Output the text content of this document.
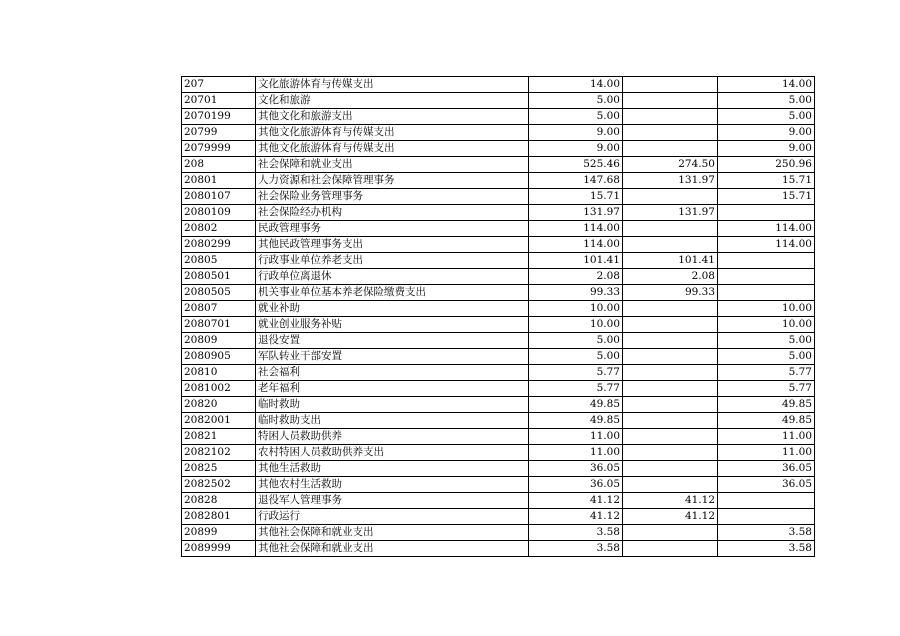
207	文化旅游体育与传媒支出	14.00		14.00
20701	文化和旅游	5.00		5.00
2070199	其他文化和旅游支出	5.00		5.00
20799	其他文化旅游体育与传媒支出	9.00		9.00
2079999	其他文化旅游体育与传媒支出	9.00		9.00
208	社会保障和就业支出	525.46	274.50	250.96
20801	人力资源和社会保障管理事务	147.68	131.97	15.71
2080107	社会保险业务管理事务	15.71		15.71
2080109	社会保险经办机构	131.97	131.97	
20802	民政管理事务	114.00		114.00
2080299	其他民政管理事务支出	114.00		114.00
20805	行政事业单位养老支出	101.41	101.41	
2080501	行政单位离退休	2.08	2.08	
2080505	机关事业单位基本养老保险缴费支出	99.33	99.33	
20807	就业补助	10.00		10.00
2080701	就业创业服务补贴	10.00		10.00
20809	退役安置	5.00		5.00
2080905	军队转业干部安置	5.00		5.00
20810	社会福利	5.77		5.77
2081002	老年福利	5.77		5.77
20820	临时救助	49.85		49.85
2082001	临时救助支出	49.85		49.85
20821	特困人员救助供养	11.00		11.00
2082102	农村特困人员救助供养支出	11.00		11.00
20825	其他生活救助	36.05		36.05
2082502	其他农村生活救助	36.05		36.05
20828	退役军人管理事务	41.12	41.12	
2082801	行政运行	41.12	41.12	
20899	其他社会保障和就业支出	3.58		3.58
2089999	其他社会保障和就业支出	3.58		3.58
